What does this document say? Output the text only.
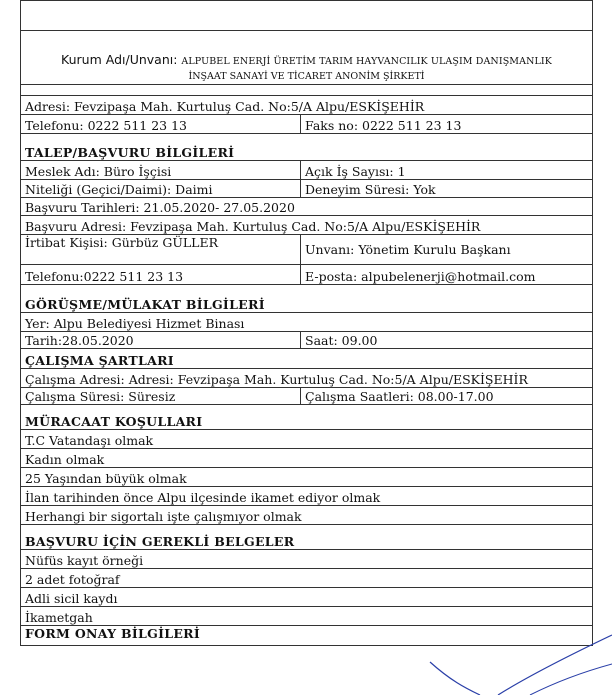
Kurum Adı/Unvanı: ALPUBEL ENERJİ ÜRETİM TARIM HAYVANCILIK ULAŞIM DANIŞMANLIK
İNŞAAT SANAYİ VE TİCARET ANONİM ŞİRKETİ	

Adresi: Fevzipaşa Mah. Kurtuluş Cad. No:5/A Alpu/ESKİŞEHİR	
Telefonu: 0222 511 23 13	Faks no: 0222 511 23 13
TALEP/BAŞVURU BİLGİLERİ	
Meslek Adı: Büro İşçisi	Açık İş Sayısı: 1
Niteliği (Geçici/Daimi): Daimi	Deneyim Süresi: Yok
Başvuru Tarihleri: 21.05.2020- 27.05.2020	
Başvuru Adresi: Fevzipaşa Mah. Kurtuluş Cad. No:5/A Alpu/ESKİŞEHİR	
İrtibat Kişisi: Gürbüz GÜLLER	Unvanı: Yönetim Kurulu Başkanı
Telefonu:0222 511 23 13	E-posta: alpubelenerji@hotmail.com
GÖRÜŞME/MÜLAKAT BİLGİLERİ	
Yer: Alpu Belediyesi Hizmet Binası	
Tarih:28.05.2020	Saat: 09.00
ÇALIŞMA ŞARTLARI	
Çalışma Adresi: Adresi: Fevzipaşa Mah. Kurtuluş Cad. No:5/A Alpu/ESKİŞEHİR	
Çalışma Süresi: Süresiz	Çalışma Saatleri: 08.00-17.00
MÜRACAAT KOŞULLARI	
T.C Vatandaşı olmak	
Kadın olmak	
25 Yaşından büyük olmak	
İlan tarihinden önce Alpu ilçesinde ikamet ediyor olmak	
Herhangi bir sigortalı işte çalışmıyor olmak	
BAŞVURU İÇİN GEREKLİ BELGELER	
Nüfüs kayıt örneği	
2 adet fotoğraf	
Adli sicil kaydı	
İkametgah	
FORM ONAY BİLGİLERİ	
